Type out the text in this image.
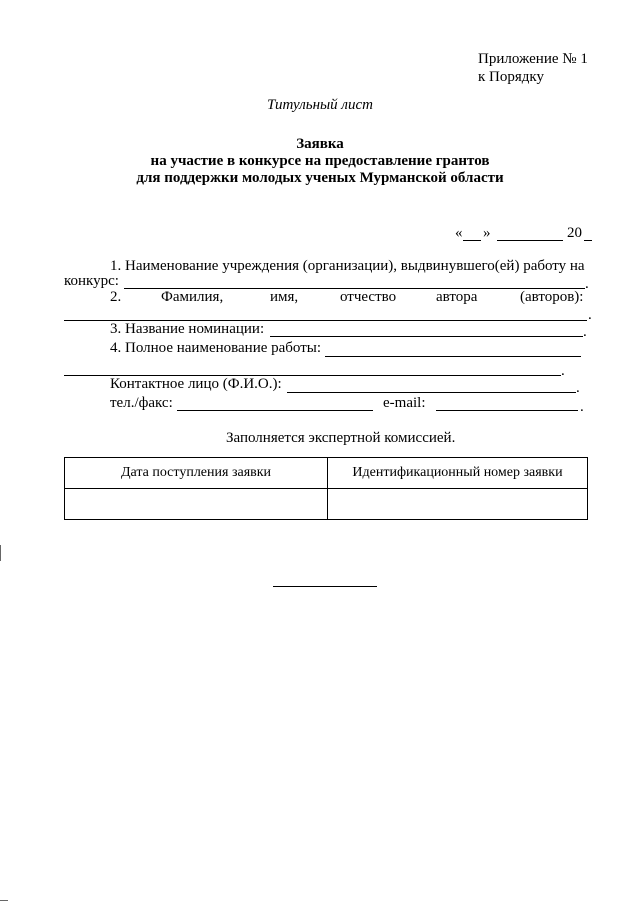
Приложение № 1
к Порядку
Титульный лист
Заявка
на участие в конкурсе на предоставление грантов
для поддержки молодых ученых Мурманской области
« »	20
1. Наименование учреждения (организации), выдвинувшего(ей) работу на
конкурс:	.
2.	Фамилия,	имя,	отчество	автора	(авторов):
.
3. Название номинации:	.
4. Полное наименование работы:
.
Контактное лицо (Ф.И.О.):	.
тел./факс:	e-mail:	.
Заполняется экспертной комиссией.
Дата поступления заявки	Идентификационный номер заявки
